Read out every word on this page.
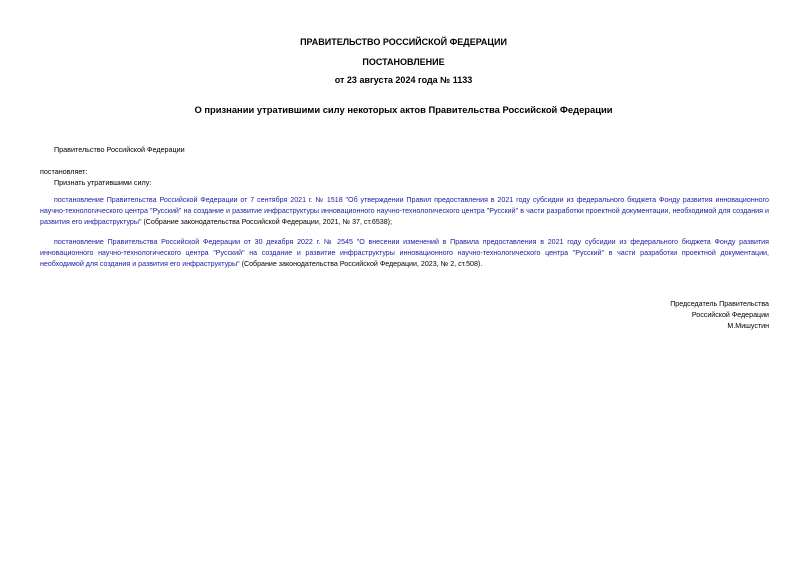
ПРАВИТЕЛЬСТВО РОССИЙСКОЙ ФЕДЕРАЦИИ
ПОСТАНОВЛЕНИЕ
от 23 августа 2024 года № 1133
О признании утратившими силу некоторых актов Правительства Российской Федерации
Правительство Российской Федерации
постановляет:
Признать утратившими силу:
постановление Правительства Российской Федерации от 7 сентября 2021 г. № 1518 "Об утверждении Правил предоставления в 2021 году субсидии из федерального бюджета Фонду развития инновационного научно-технологического центра "Русский" на создание и развитие инфраструктуры инновационного научно-технологического центра "Русский" в части разработки проектной документации, необходимой для создания и развития его инфраструктуры" (Собрание законодательства Российской Федерации, 2021, № 37, ст.6538);
постановление Правительства Российской Федерации от 30 декабря 2022 г. № 2545 "О внесении изменений в Правила предоставления в 2021 году субсидии из федерального бюджета Фонду развития инновационного научно-технологического центра "Русский" на создание и развитие инфраструктуры инновационного научно-технологического центра "Русский" в части разработки проектной документации, необходимой для создания и развития его инфраструктуры" (Собрание законодательства Российской Федерации, 2023, № 2, ст.508).
Председатель Правительства
Российской Федерации
М.Мишустин
